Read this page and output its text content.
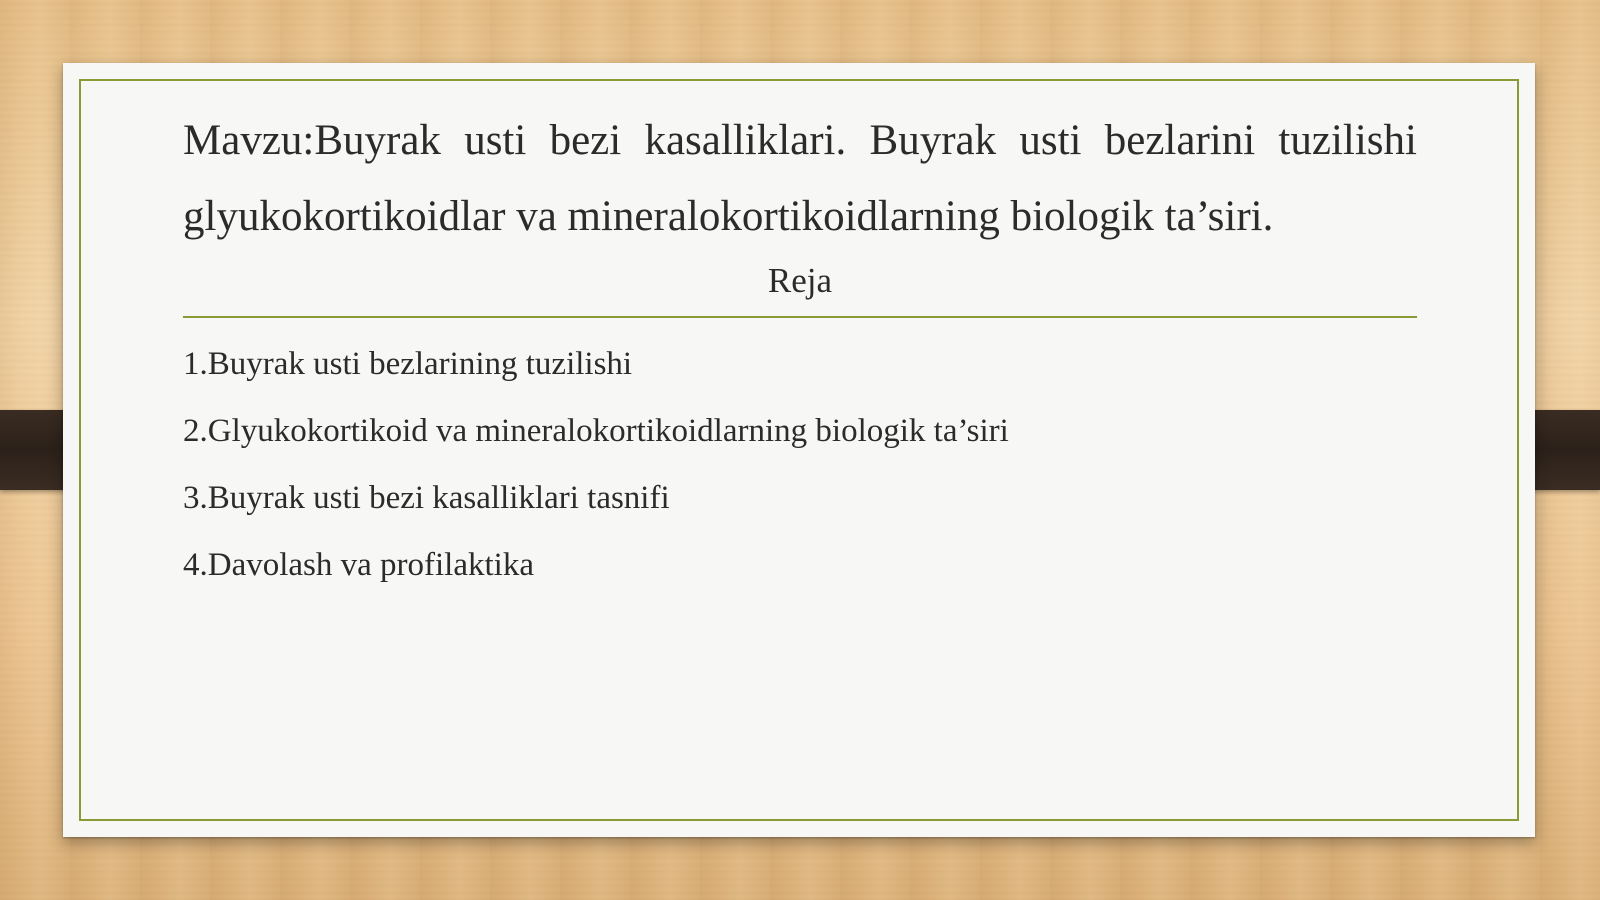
Mavzu:Buyrak usti bezi kasalliklari. Buyrak usti bezlarini tuzilishi glyukokortikoidlar va mineralokortikoidlarning biologik ta’siri.
Reja
1.Buyrak usti bezlarining tuzilishi
2.Glyukokortikoid va mineralokortikoidlarning biologik ta’siri
3.Buyrak usti bezi kasalliklari tasnifi
4.Davolash va profilaktika
